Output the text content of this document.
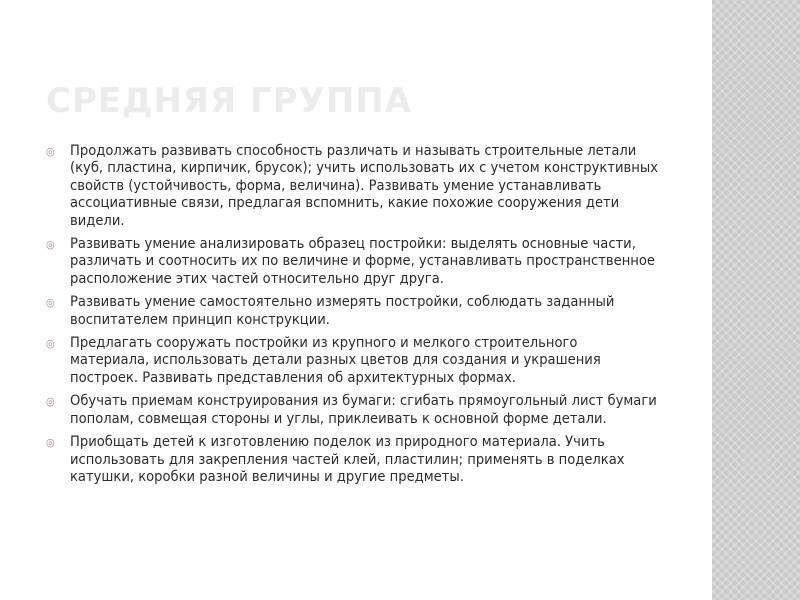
СРЕДНЯЯ ГРУППА
◎ Продолжать развивать способность различать и называть строительные летали (куб, пластина, кирпичик, брусок); учить использовать их с учетом конструктивных свойств (устойчивость, форма, величина). Развивать умение устанавливать ассоциативные связи, предлагая вспомнить, какие похожие сооружения дети видели.
◎ Развивать умение анализировать образец постройки: выделять основные части, различать и соотносить их по величине и форме, устанавливать пространственное расположение этих частей относительно друг друга.
◎ Развивать умение самостоятельно измерять постройки, соблюдать заданный воспитателем принцип конструкции.
◎ Предлагать сооружать постройки из крупного и мелкого строительного материала, использовать детали разных цветов для создания и украшения построек. Развивать представления об архитектурных формах.
◎ Обучать приемам конструирования из бумаги: сгибать прямоугольный лист бумаги пополам, совмещая стороны и углы, приклеивать к основной форме детали.
◎ Приобщать детей к изготовлению поделок из природного материала. Учить использовать для закрепления частей клей, пластилин; применять в поделках катушки, коробки разной величины и другие предметы.
